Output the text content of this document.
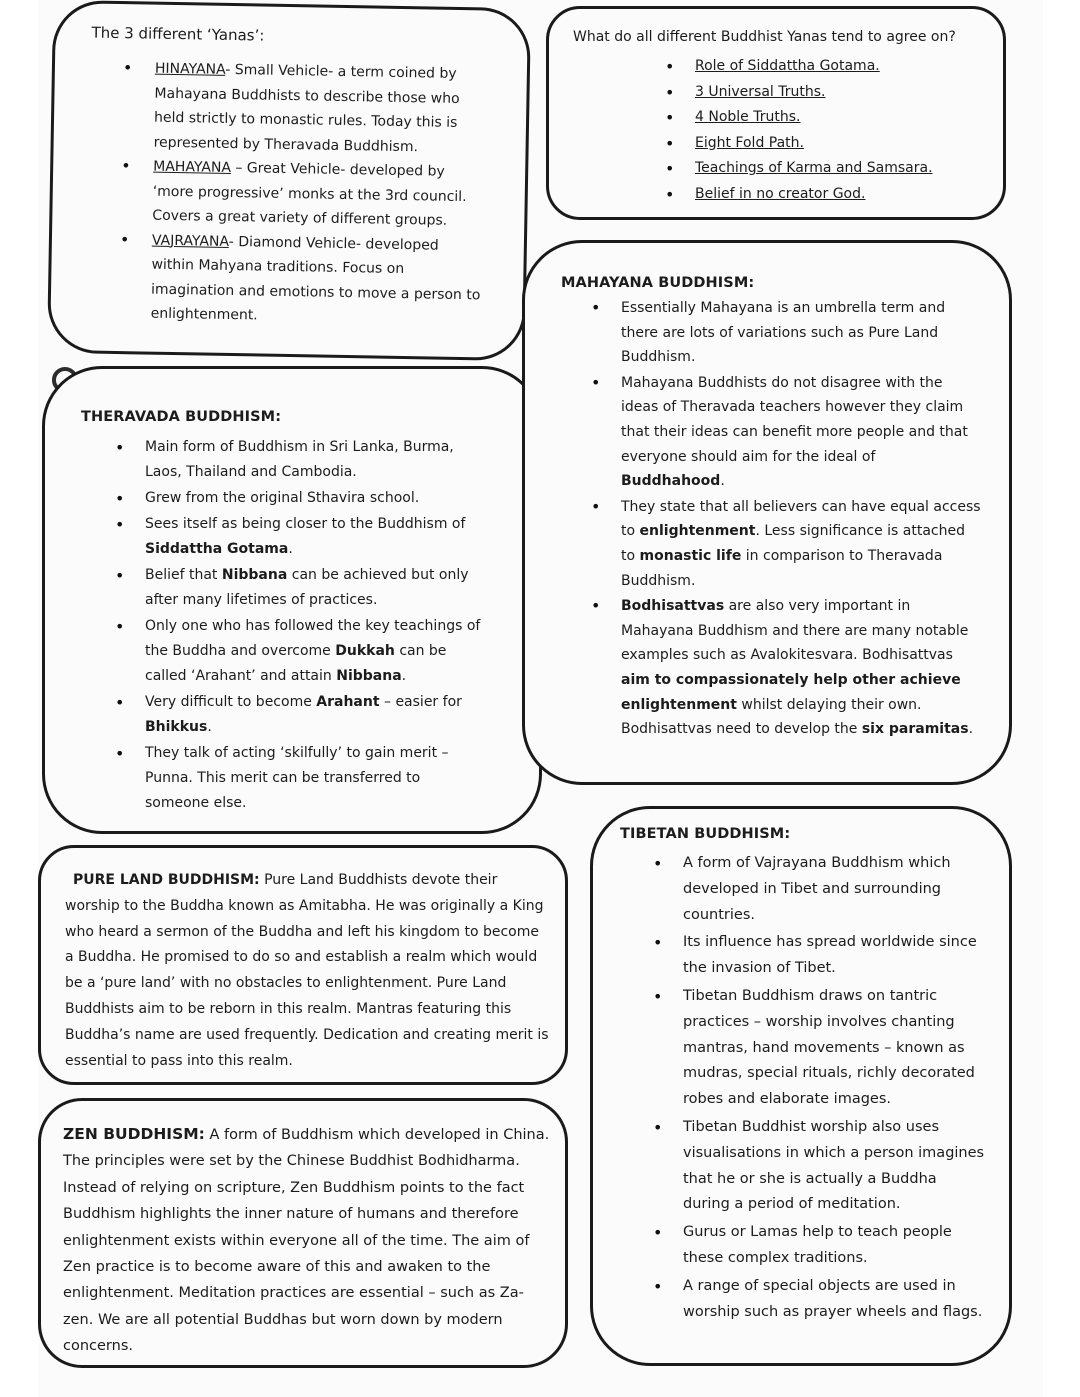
The 3 different ‘Yanas’:
• HINAYANA- Small Vehicle- a term coined by Mahayana Buddhists to describe those who held strictly to monastic rules. Today this is represented by Theravada Buddhism.
• MAHAYANA – Great Vehicle- developed by ‘more progressive’ monks at the 3rd council. Covers a great variety of different groups.
• VAJRAYANA- Diamond Vehicle- developed within Mahyana traditions. Focus on imagination and emotions to move a person to enlightenment.
What do all different Buddhist Yanas tend to agree on?
• Role of Siddattha Gotama.
• 3 Universal Truths.
• 4 Noble Truths.
• Eight Fold Path.
• Teachings of Karma and Samsara.
• Belief in no creator God.
THERAVADA BUDDHISM:
• Main form of Buddhism in Sri Lanka, Burma, Laos, Thailand and Cambodia.
• Grew from the original Sthavira school.
• Sees itself as being closer to the Buddhism of Siddattha Gotama.
• Belief that Nibbana can be achieved but only after many lifetimes of practices.
• Only one who has followed the key teachings of the Buddha and overcome Dukkah can be called ‘Arahant’ and attain Nibbana.
• Very difficult to become Arahant – easier for Bhikkus.
• They talk of acting ‘skilfully’ to gain merit – Punna. This merit can be transferred to someone else.
MAHAYANA BUDDHISM:
• Essentially Mahayana is an umbrella term and there are lots of variations such as Pure Land Buddhism.
• Mahayana Buddhists do not disagree with the ideas of Theravada teachers however they claim that their ideas can benefit more people and that everyone should aim for the ideal of Buddhahood.
• They state that all believers can have equal access to enlightenment. Less significance is attached to monastic life in comparison to Theravada Buddhism.
• Bodhisattvas are also very important in Mahayana Buddhism and there are many notable examples such as Avalokitesvara. Bodhisattvas aim to compassionately help other achieve enlightenment whilst delaying their own. Bodhisattvas need to develop the six paramitas.
PURE LAND BUDDHISM: Pure Land Buddhists devote their worship to the Buddha known as Amitabha. He was originally a King who heard a sermon of the Buddha and left his kingdom to become a Buddha. He promised to do so and establish a realm which would be a ‘pure land’ with no obstacles to enlightenment. Pure Land Buddhists aim to be reborn in this realm. Mantras featuring this Buddha’s name are used frequently. Dedication and creating merit is essential to pass into this realm.
ZEN BUDDHISM: A form of Buddhism which developed in China. The principles were set by the Chinese Buddhist Bodhidharma. Instead of relying on scripture, Zen Buddhism points to the fact Buddhism highlights the inner nature of humans and therefore enlightenment exists within everyone all of the time. The aim of Zen practice is to become aware of this and awaken to the enlightenment. Meditation practices are essential – such as Za-zen. We are all potential Buddhas but worn down by modern concerns.
TIBETAN BUDDHISM:
• A form of Vajrayana Buddhism which developed in Tibet and surrounding countries.
• Its influence has spread worldwide since the invasion of Tibet.
• Tibetan Buddhism draws on tantric practices – worship involves chanting mantras, hand movements – known as mudras, special rituals, richly decorated robes and elaborate images.
• Tibetan Buddhist worship also uses visualisations in which a person imagines that he or she is actually a Buddha during a period of meditation.
• Gurus or Lamas help to teach people these complex traditions.
• A range of special objects are used in worship such as prayer wheels and flags.
